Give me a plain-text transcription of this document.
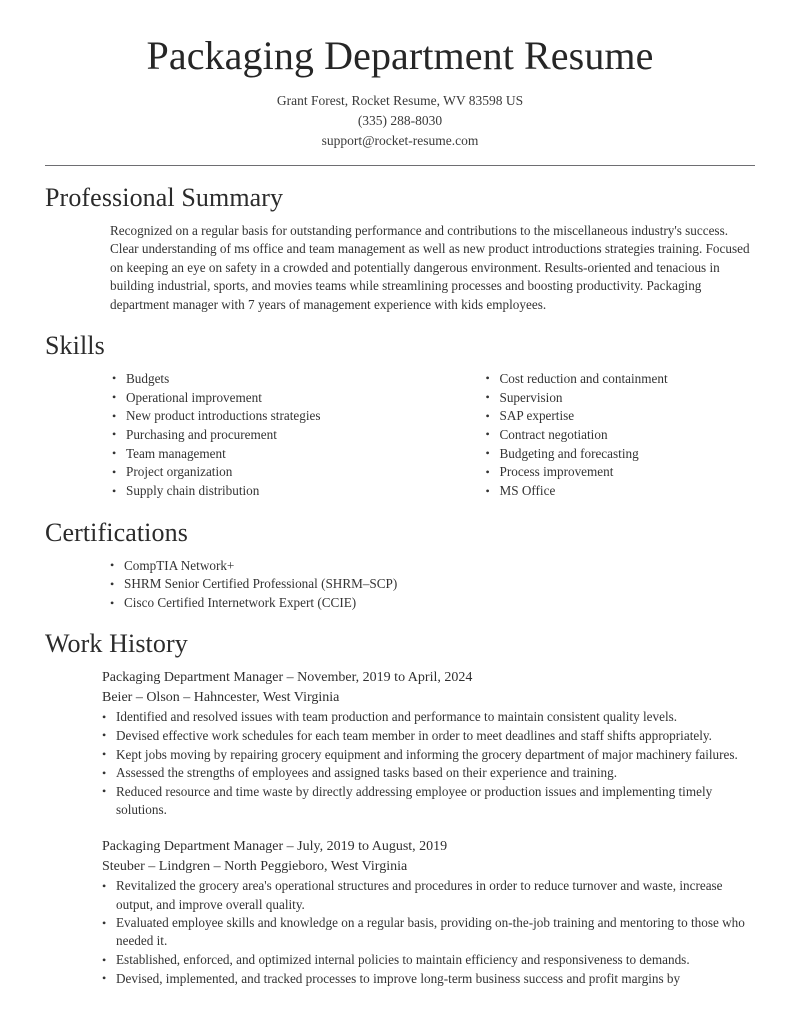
Packaging Department Resume
Grant Forest, Rocket Resume, WV 83598 US
(335) 288-8030
support@rocket-resume.com
Professional Summary

Recognized on a regular basis for outstanding performance and contributions to the miscellaneous industry's success. Clear understanding of ms office and team management as well as new product introductions strategies training. Focused on keeping an eye on safety in a crowded and potentially dangerous environment. Results-oriented and tenacious in building industrial, sports, and movies teams while streamlining processes and boosting productivity. Packaging department manager with 7 years of management experience with kids employees.

Skills
• Budgets
• Operational improvement
• New product introductions strategies
• Purchasing and procurement
• Team management
• Project organization
• Supply chain distribution
• Cost reduction and containment
• Supervision
• SAP expertise
• Contract negotiation
• Budgeting and forecasting
• Process improvement
• MS Office
Certifications
• CompTIA Network+
• SHRM Senior Certified Professional (SHRM–SCP)
• Cisco Certified Internetwork Expert (CCIE)
Work History
Packaging Department Manager – November, 2019 to April, 2024
Beier – Olson – Hahncester, West Virginia
• Identified and resolved issues with team production and performance to maintain consistent quality levels.
• Devised effective work schedules for each team member in order to meet deadlines and staff shifts appropriately.
• Kept jobs moving by repairing grocery equipment and informing the grocery department of major machinery failures.
• Assessed the strengths of employees and assigned tasks based on their experience and training.
• Reduced resource and time waste by directly addressing employee or production issues and implementing timely solutions.
Packaging Department Manager – July, 2019 to August, 2019
Steuber – Lindgren – North Peggieboro, West Virginia
• Revitalized the grocery area's operational structures and procedures in order to reduce turnover and waste, increase output, and improve overall quality.
• Evaluated employee skills and knowledge on a regular basis, providing on-the-job training and mentoring to those who needed it.
• Established, enforced, and optimized internal policies to maintain efficiency and responsiveness to demands.
• Devised, implemented, and tracked processes to improve long-term business success and profit margins by
